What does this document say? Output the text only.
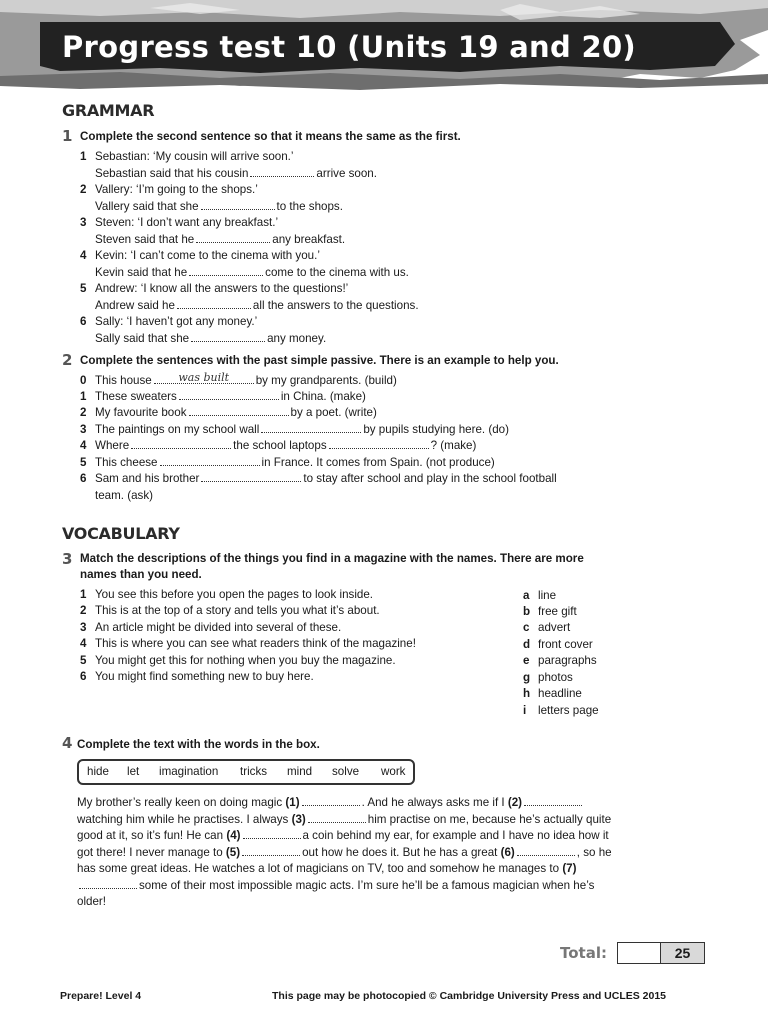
Progress test 10 (Units 19 and 20)
GRAMMAR
1 Complete the second sentence so that it means the same as the first.
1 Sebastian: ‘My cousin will arrive soon.’
Sebastian said that his cousin	arrive soon.
2 Vallery: ‘I’m going to the shops.’
Vallery said that she	to the shops.
3 Steven: ‘I don’t want any breakfast.’
Steven said that he	any breakfast.
4 Kevin: ‘I can’t come to the cinema with you.’
Kevin said that he	come to the cinema with us.
5 Andrew: ‘I know all the answers to the questions!’
Andrew said he	all the answers to the questions.
6 Sally: ‘I haven’t got any money.’
Sally said that she	any money.
2 Complete the sentences with the past simple passive. There is an example to help you.
0 This house was built by my grandparents. (build)
1 These sweaters	in China. (make)
2 My favourite book	by a poet. (write)
3 The paintings on my school wall	by pupils studying here. (do)
4 Where	the school laptops	? (make)
5 This cheese	in France. It comes from Spain. (not produce)
6 Sam and his brother	to stay after school and play in the school football
team. (ask)
VOCABULARY
3 Match the descriptions of the things you find in a magazine with the names. There are more names than you need.
1 You see this before you open the pages to look inside.
2 This is at the top of a story and tells you what it’s about.
3 An article might be divided into several of these.
4 This is where you can see what readers think of the magazine!
5 You might get this for nothing when you buy the magazine.
6 You might find something new to buy here.
a line
b free gift
c advert
d front cover
e paragraphs
g photos
h headline
i letters page
4 Complete the text with the words in the box.
hide let imagination tricks mind solve work
My brother’s really keen on doing magic (1)	. And he always asks me if I (2) watching him while he practises. I always (3)	him practise on me, because he’s actually quite good at it, so it’s fun! He can (4)	a coin behind my ear, for example and I have no idea how it got there! I never manage to (5)	out how he does it. But he has a great (6)	, so he has some great ideas. He watches a lot of magicians on TV, too and somehow he manages to (7)some of their most impossible magic acts. I’m sure he’ll be a famous magician when he’s older!
Total:	25
Prepare! Level 4	This page may be photocopied © Cambridge University Press and UCLES 2015
